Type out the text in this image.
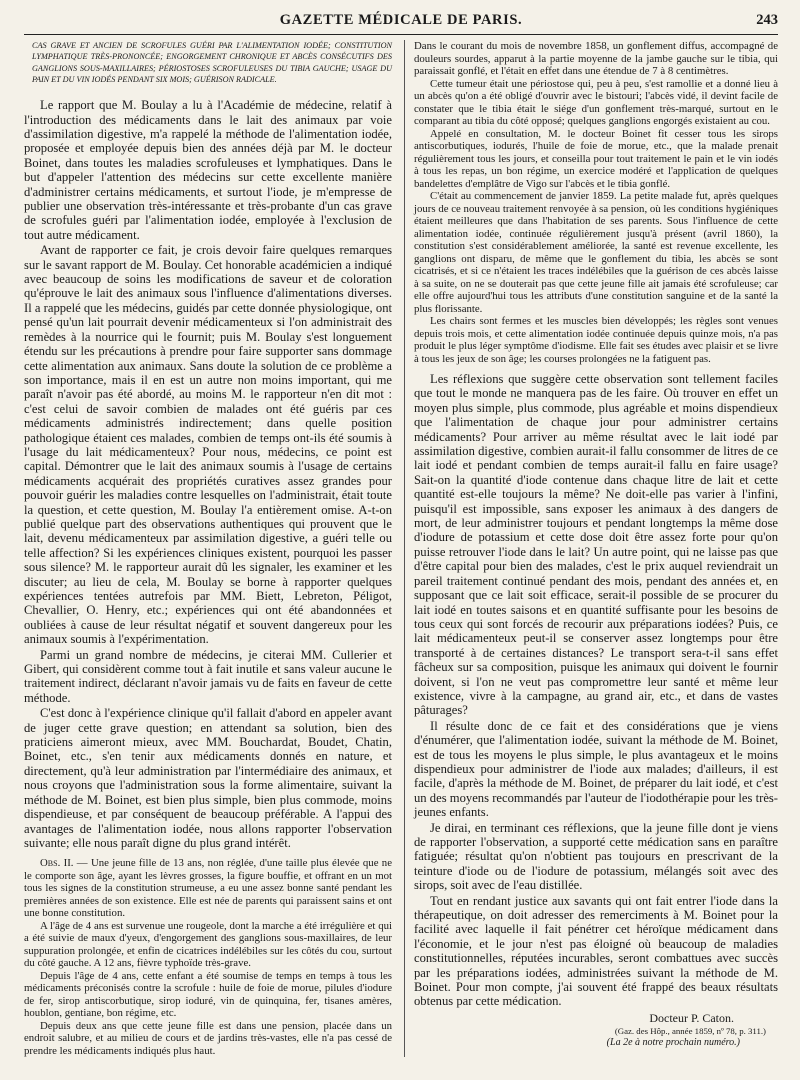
GAZETTE MÉDICALE DE PARIS.	243

CAS GRAVE ET ANCIEN DE SCROFULES GUÉRI PAR L'ALIMENTATION IODÉE; CONSTITUTION LYMPHATIQUE TRÈS-PRONONCÉE; ENGORGEMENT CHRONIQUE ET ABCÈS CONSÉCUTIFS DES GANGLIONS SOUS-MAXILLAIRES; PÉRIOSTOSES SCROFULEUSES DU TIBIA GAUCHE; USAGE DU PAIN ET DU VIN IODÉS PENDANT SIX MOIS; GUÉRISON RADICALE.

Le rapport que M. Boulay a lu à l'Académie de médecine, relatif à l'introduction des médicaments dans le lait des animaux par voie d'assimilation digestive, m'a rappelé la méthode de l'alimentation iodée, proposée et employée depuis bien des années déjà par M. le docteur Boinet, dans toutes les maladies scrofuleuses et lymphatiques. Dans le but d'appeler l'attention des médecins sur cette excellente manière d'administrer certains médicaments, et surtout l'iode, je m'empresse de publier une observation très-intéressante et très-probante d'un cas grave de scrofules guéri par l'alimentation iodée, employée à l'exclusion de tout autre médicament.

Avant de rapporter ce fait, je crois devoir faire quelques remarques sur le savant rapport de M. Boulay. Cet honorable académicien a indiqué avec beaucoup de soins les modifications de saveur et de coloration qu'éprouve le lait des animaux sous l'influence d'alimentations diverses. Il a rappelé que les médecins, guidés par cette donnée physiologique, ont pensé qu'un lait pourrait devenir médicamenteux si l'on administrait des remèdes à la nourrice qui le fournit; puis M. Boulay s'est longuement étendu sur les précautions à prendre pour faire supporter sans dommage cette alimentation aux animaux. Sans doute la solution de ce problème a son importance, mais il en est un autre non moins important, qui me paraît n'avoir pas été abordé, au moins M. le rapporteur n'en dit mot : c'est celui de savoir combien de malades ont été guéris par ces médicaments administrés indirectement; dans quelle position pathologique étaient ces malades, combien de temps ont-ils été soumis à l'usage du lait médicamenteux? Pour nous, médecins, ce point est capital. Démontrer que le lait des animaux soumis à l'usage de certains médicaments acquérait des propriétés curatives assez grandes pour pouvoir guérir les maladies contre lesquelles on l'administrait, était toute la question, et cette question, M. Boulay l'a entièrement omise. A-t-on publié quelque part des observations authentiques qui prouvent que le lait, devenu médicamenteux par assimilation digestive, a guéri telle ou telle affection? Si les expériences cliniques existent, pourquoi les passer sous silence? M. le rapporteur aurait dû les signaler, les examiner et les discuter; au lieu de cela, M. Boulay se borne à rapporter quelques expériences tentées autrefois par MM. Biett, Lebreton, Péligot, Chevallier, O. Henry, etc.; expériences qui ont été abandonnées et oubliées à cause de leur résultat négatif et souvent dangereux pour les animaux soumis à l'expérimentation.

Parmi un grand nombre de médecins, je citerai MM. Cullerier et Gibert, qui considèrent comme tout à fait inutile et sans valeur aucune le traitement indirect, déclarant n'avoir jamais vu de faits en faveur de cette méthode.

C'est donc à l'expérience clinique qu'il fallait d'abord en appeler avant de juger cette grave question; en attendant sa solution, bien des praticiens aimeront mieux, avec MM. Bouchardat, Boudet, Chatin, Boinet, etc., s'en tenir aux médicaments donnés en nature, et directement, qu'à leur administration par l'intermédiaire des animaux, et nous croyons que l'administration sous la forme alimentaire, suivant la méthode de M. Boinet, est bien plus simple, bien plus commode, moins dispendieuse, et par conséquent de beaucoup préférable. A l'appui des avantages de l'alimentation iodée, nous allons rapporter l'observation suivante; elle nous paraît digne du plus grand intérêt.

Obs. II. — Une jeune fille de 13 ans, non réglée, d'une taille plus élevée que ne le comporte son âge, ayant les lèvres grosses, la figure bouffie, et offrant en un mot tous les signes de la constitution strumeuse, a eu une assez bonne santé pendant les premières années de son existence. Elle est née de parents qui paraissent sains et ont une bonne constitution.

A l'âge de 4 ans est survenue une rougeole, dont la marche a été irrégulière et qui a été suivie de maux d'yeux, d'engorgement des ganglions sous-maxillaires, de leur suppuration prolongée, et enfin de cicatrices indélébiles sur les côtés du cou, surtout du côté gauche. A 12 ans, fièvre typhoïde très-grave.

Depuis l'âge de 4 ans, cette enfant a été soumise de temps en temps à tous les médicaments préconisés contre la scrofule : huile de foie de morue, pilules d'iodure de fer, sirop antiscorbutique, sirop ioduré, vin de quinquina, fer, tisanes amères, houblon, gentiane, bon régime, etc.

Depuis deux ans que cette jeune fille est dans une pension, placée dans un endroit salubre, et au milieu de cours et de jardins très-vastes, elle n'a pas cessé de prendre les médicaments indiqués plus haut.

Dans le courant du mois de novembre 1858, un gonflement diffus, accompagné de douleurs sourdes, apparut à la partie moyenne de la jambe gauche sur le tibia, qui paraissait gonflé, et l'était en effet dans une étendue de 7 à 8 centimètres.

Cette tumeur était une périostose qui, peu à peu, s'est ramollie et a donné lieu à un abcès qu'on a été obligé d'ouvrir avec le bistouri; l'abcès vidé, il devint facile de constater que le tibia était le siége d'un gonflement très-marqué, surtout en le comparant au tibia du côté opposé; quelques ganglions engorgés existaient au cou.

Appelé en consultation, M. le docteur Boinet fit cesser tous les sirops antiscorbutiques, iodurés, l'huile de foie de morue, etc., que la malade prenait régulièrement tous les jours, et conseilla pour tout traitement le pain et le vin iodés à tous les repas, un bon régime, un exercice modéré et l'application de quelques bandelettes d'emplâtre de Vigo sur l'abcès et le tibia gonflé.

C'était au commencement de janvier 1859. La petite malade fut, après quelques jours de ce nouveau traitement renvoyée à sa pension, où les conditions hygiéniques étaient meilleures que dans l'habitation de ses parents. Sous l'influence de cette alimentation iodée, continuée régulièrement jusqu'à présent (avril 1860), la constitution s'est considérablement améliorée, la santé est revenue excellente, les ganglions ont disparu, de même que le gonflement du tibia, les abcès se sont cicatrisés, et si ce n'étaient les traces indélébiles que la guérison de ces abcès laisse à sa suite, on ne se douterait pas que cette jeune fille ait jamais été scrofuleuse; car elle offre aujourd'hui tous les attributs d'une constitution sanguine et de la santé la plus florissante.

Les chairs sont fermes et les muscles bien développés; les règles sont venues depuis trois mois, et cette alimentation iodée continuée depuis quinze mois, n'a pas produit le plus léger symptôme d'iodisme. Elle fait ses études avec plaisir et se livre à tous les jeux de son âge; les courses prolongées ne la fatiguent pas.

Les réflexions que suggère cette observation sont tellement faciles que tout le monde ne manquera pas de les faire. Où trouver en effet un moyen plus simple, plus commode, plus agréable et moins dispendieux que l'alimentation de chaque jour pour administrer certains médicaments? Pour arriver au même résultat avec le lait iodé par assimilation digestive, combien aurait-il fallu consommer de litres de ce lait iodé et pendant combien de temps aurait-il fallu en faire usage? Sait-on la quantité d'iode contenue dans chaque litre de lait et cette quantité est-elle toujours la même? Ne doit-elle pas varier à l'infini, puisqu'il est impossible, sans exposer les animaux à des dangers de mort, de leur administrer toujours et pendant longtemps la même dose d'iodure de potassium et cette dose doit être assez forte pour qu'on puisse retrouver l'iode dans le lait? Un autre point, qui ne laisse pas que d'être capital pour bien des malades, c'est le prix auquel reviendrait un pareil traitement continué pendant des mois, pendant des années et, en supposant que ce lait soit efficace, serait-il possible de se procurer du lait iodé en toutes saisons et en quantité suffisante pour les besoins de tous ceux qui sont forcés de recourir aux préparations iodées? Puis, ce lait médicamenteux peut-il se conserver assez longtemps pour être transporté à de certaines distances? Le transport sera-t-il sans effet fâcheux sur sa composition, puisque les animaux qui doivent le fournir doivent, si l'on ne veut pas compromettre leur santé et même leur existence, vivre à la campagne, au grand air, etc., et dans de vastes pâturages?

Il résulte donc de ce fait et des considérations que je viens d'énumérer, que l'alimentation iodée, suivant la méthode de M. Boinet, est de tous les moyens le plus simple, le plus avantageux et le moins dispendieux pour administrer de l'iode aux malades; d'ailleurs, il est facile, d'après la méthode de M. Boinet, de préparer du lait iodé, et c'est un des moyens recommandés par l'auteur de l'iodothérapie pour les très-jeunes enfants.

Je dirai, en terminant ces réflexions, que la jeune fille dont je viens de rapporter l'observation, a supporté cette médication sans en paraître fatiguée; résultat qu'on n'obtient pas toujours en prescrivant de la teinture d'iode ou de l'iodure de potassium, mélangés soit avec des sirops, soit avec de l'eau distillée.

Tout en rendant justice aux savants qui ont fait entrer l'iode dans la thérapeutique, on doit adresser des remerciments à M. Boinet pour la facilité avec laquelle il fait pénétrer cet héroïque médicament dans l'économie, et le jour n'est pas éloigné où beaucoup de maladies constitutionnelles, réputées incurables, seront combattues avec succès par les préparations iodées, administrées suivant la méthode de M. Boinet. Pour mon compte, j'ai souvent été frappé des beaux résultats obtenus par cette médication.

Docteur P. Caton.

(Gaz. des Hôp., année 1859, nº 78, p. 311.)

(La 2e à notre prochain numéro.)
